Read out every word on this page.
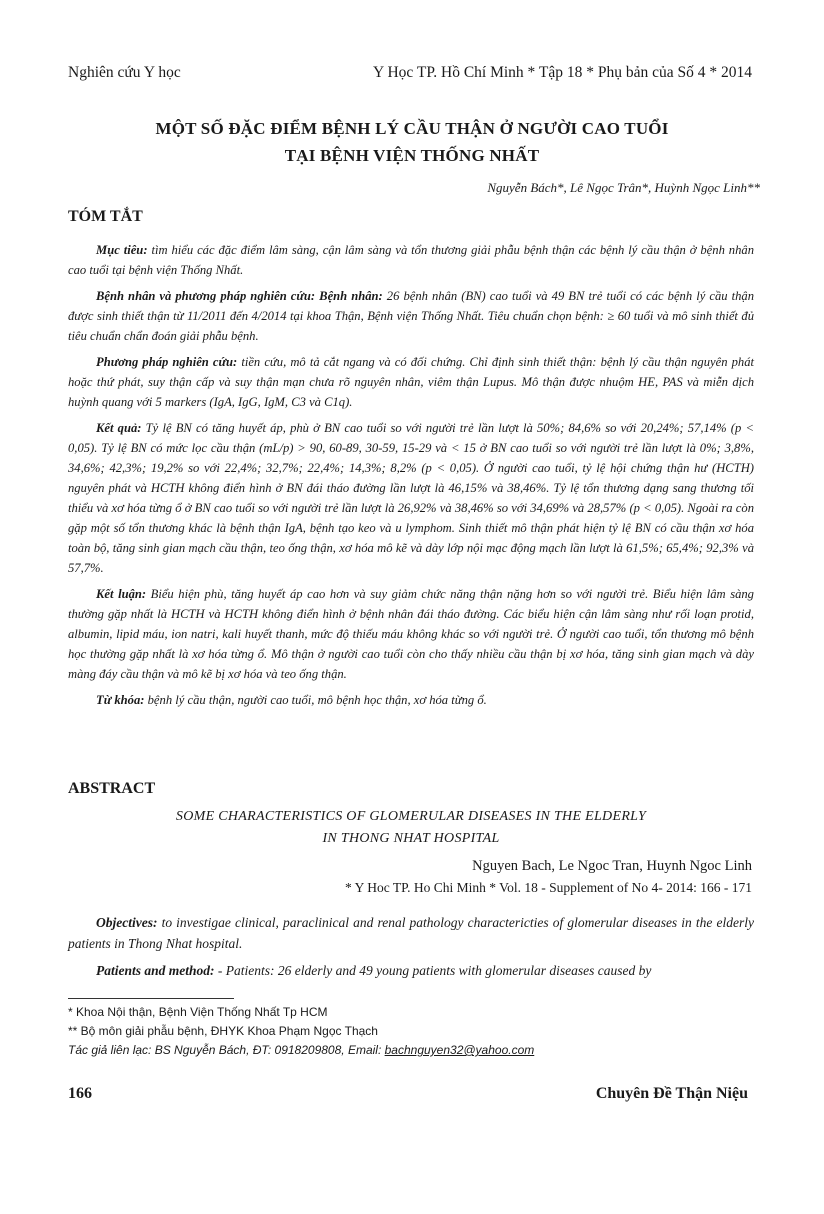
Nghiên cứu Y học	Y Học TP. Hồ Chí Minh * Tập 18 * Phụ bản của Số 4 * 2014
MỘT SỐ ĐẶC ĐIỂM BỆNH LÝ CẦU THẬN Ở NGƯỜI CAO TUỔI
TẠI BỆNH VIỆN THỐNG NHẤT
Nguyễn Bách*, Lê Ngọc Trân*, Huỳnh Ngọc Linh**
TÓM TẮT

Mục tiêu: tìm hiểu các đặc điểm lâm sàng, cận lâm sàng và tổn thương giải phẫu bệnh thận các bệnh lý cầu thận ở bệnh nhân cao tuổi tại bệnh viện Thống Nhất.

Bệnh nhân và phương pháp nghiên cứu: Bệnh nhân: 26 bệnh nhân (BN) cao tuổi và 49 BN trẻ tuổi có các bệnh lý cầu thận được sinh thiết thận từ 11/2011 đến 4/2014 tại khoa Thận, Bệnh viện Thống Nhất. Tiêu chuẩn chọn bệnh: ≥ 60 tuổi và mô sinh thiết đủ tiêu chuẩn chẩn đoán giải phẫu bệnh.

Phương pháp nghiên cứu: tiền cứu, mô tả cắt ngang và có đối chứng. Chỉ định sinh thiết thận: bệnh lý cầu thận nguyên phát hoặc thứ phát, suy thận cấp và suy thận mạn chưa rõ nguyên nhân, viêm thận Lupus. Mô thận được nhuộm HE, PAS và miễn dịch huỳnh quang với 5 markers (IgA, IgG, IgM, C3 và C1q).

Kết quả: Tỷ lệ BN có tăng huyết áp, phù ở BN cao tuổi so với người trẻ lần lượt là 50%; 84,6% so với 20,24%; 57,14% (p < 0,05). Tỷ lệ BN có mức lọc cầu thận (mL/p) > 90, 60-89, 30-59, 15-29 và < 15 ở BN cao tuổi so với người trẻ lần lượt là 0%; 3,8%, 34,6%; 42,3%; 19,2% so với 22,4%; 32,7%; 22,4%; 14,3%; 8,2% (p < 0,05). Ở người cao tuổi, tỷ lệ hội chứng thận hư (HCTH) nguyên phát và HCTH không điển hình ở BN đái tháo đường lần lượt là 46,15% và 38,46%. Tỷ lệ tổn thương dạng sang thương tối thiểu và xơ hóa từng ổ ở BN cao tuổi so với người trẻ lần lượt là 26,92% và 38,46% so với 34,69% và 28,57% (p < 0,05). Ngoài ra còn gặp một số tổn thương khác là bệnh thận IgA, bệnh tạo keo và u lymphom. Sinh thiết mô thận phát hiện tỷ lệ BN có cầu thận xơ hóa toàn bộ, tăng sinh gian mạch cầu thận, teo ống thận, xơ hóa mô kẽ và dày lớp nội mạc động mạch lần lượt là 61,5%; 65,4%; 92,3% và 57,7%.

Kết luận: Biểu hiện phù, tăng huyết áp cao hơn và suy giảm chức năng thận nặng hơn so với người trẻ. Biểu hiện lâm sàng thường gặp nhất là HCTH và HCTH không điển hình ở bệnh nhân đái tháo đường. Các biểu hiện cận lâm sàng như rối loạn protid, albumin, lipid máu, ion natri, kali huyết thanh, mức độ thiếu máu không khác so với người trẻ. Ở người cao tuổi, tổn thương mô bệnh học thường gặp nhất là xơ hóa từng ổ. Mô thận ở người cao tuổi còn cho thấy nhiều cầu thận bị xơ hóa, tăng sinh gian mạch và dày màng đáy cầu thận và mô kẽ bị xơ hóa và teo ống thận.

Từ khóa: bệnh lý cầu thận, người cao tuổi, mô bệnh học thận, xơ hóa từng ổ.

ABSTRACT
SOME CHARACTERISTICS OF GLOMERULAR DISEASES IN THE ELDERLY
IN THONG NHAT HOSPITAL
Nguyen Bach, Le Ngoc Tran, Huynh Ngoc Linh
* Y Hoc TP. Ho Chi Minh * Vol. 18 - Supplement of No 4- 2014: 166 - 171

Objectives: to investigae clinical, paraclinical and renal pathology charactericties of glomerular diseases in the elderly patients in Thong Nhat hospital.

Patients and method: - Patients: 26 elderly and 49 young patients with glomerular diseases caused by

* Khoa Nội thận, Bệnh Viện Thống Nhất Tp HCM
** Bộ môn giải phẫu bệnh, ĐHYK Khoa Phạm Ngọc Thạch
Tác giả liên lạc: BS Nguyễn Bách, ĐT: 0918209808, Email: bachnguyen32@yahoo.com
166	Chuyên Đề Thận Niệu
